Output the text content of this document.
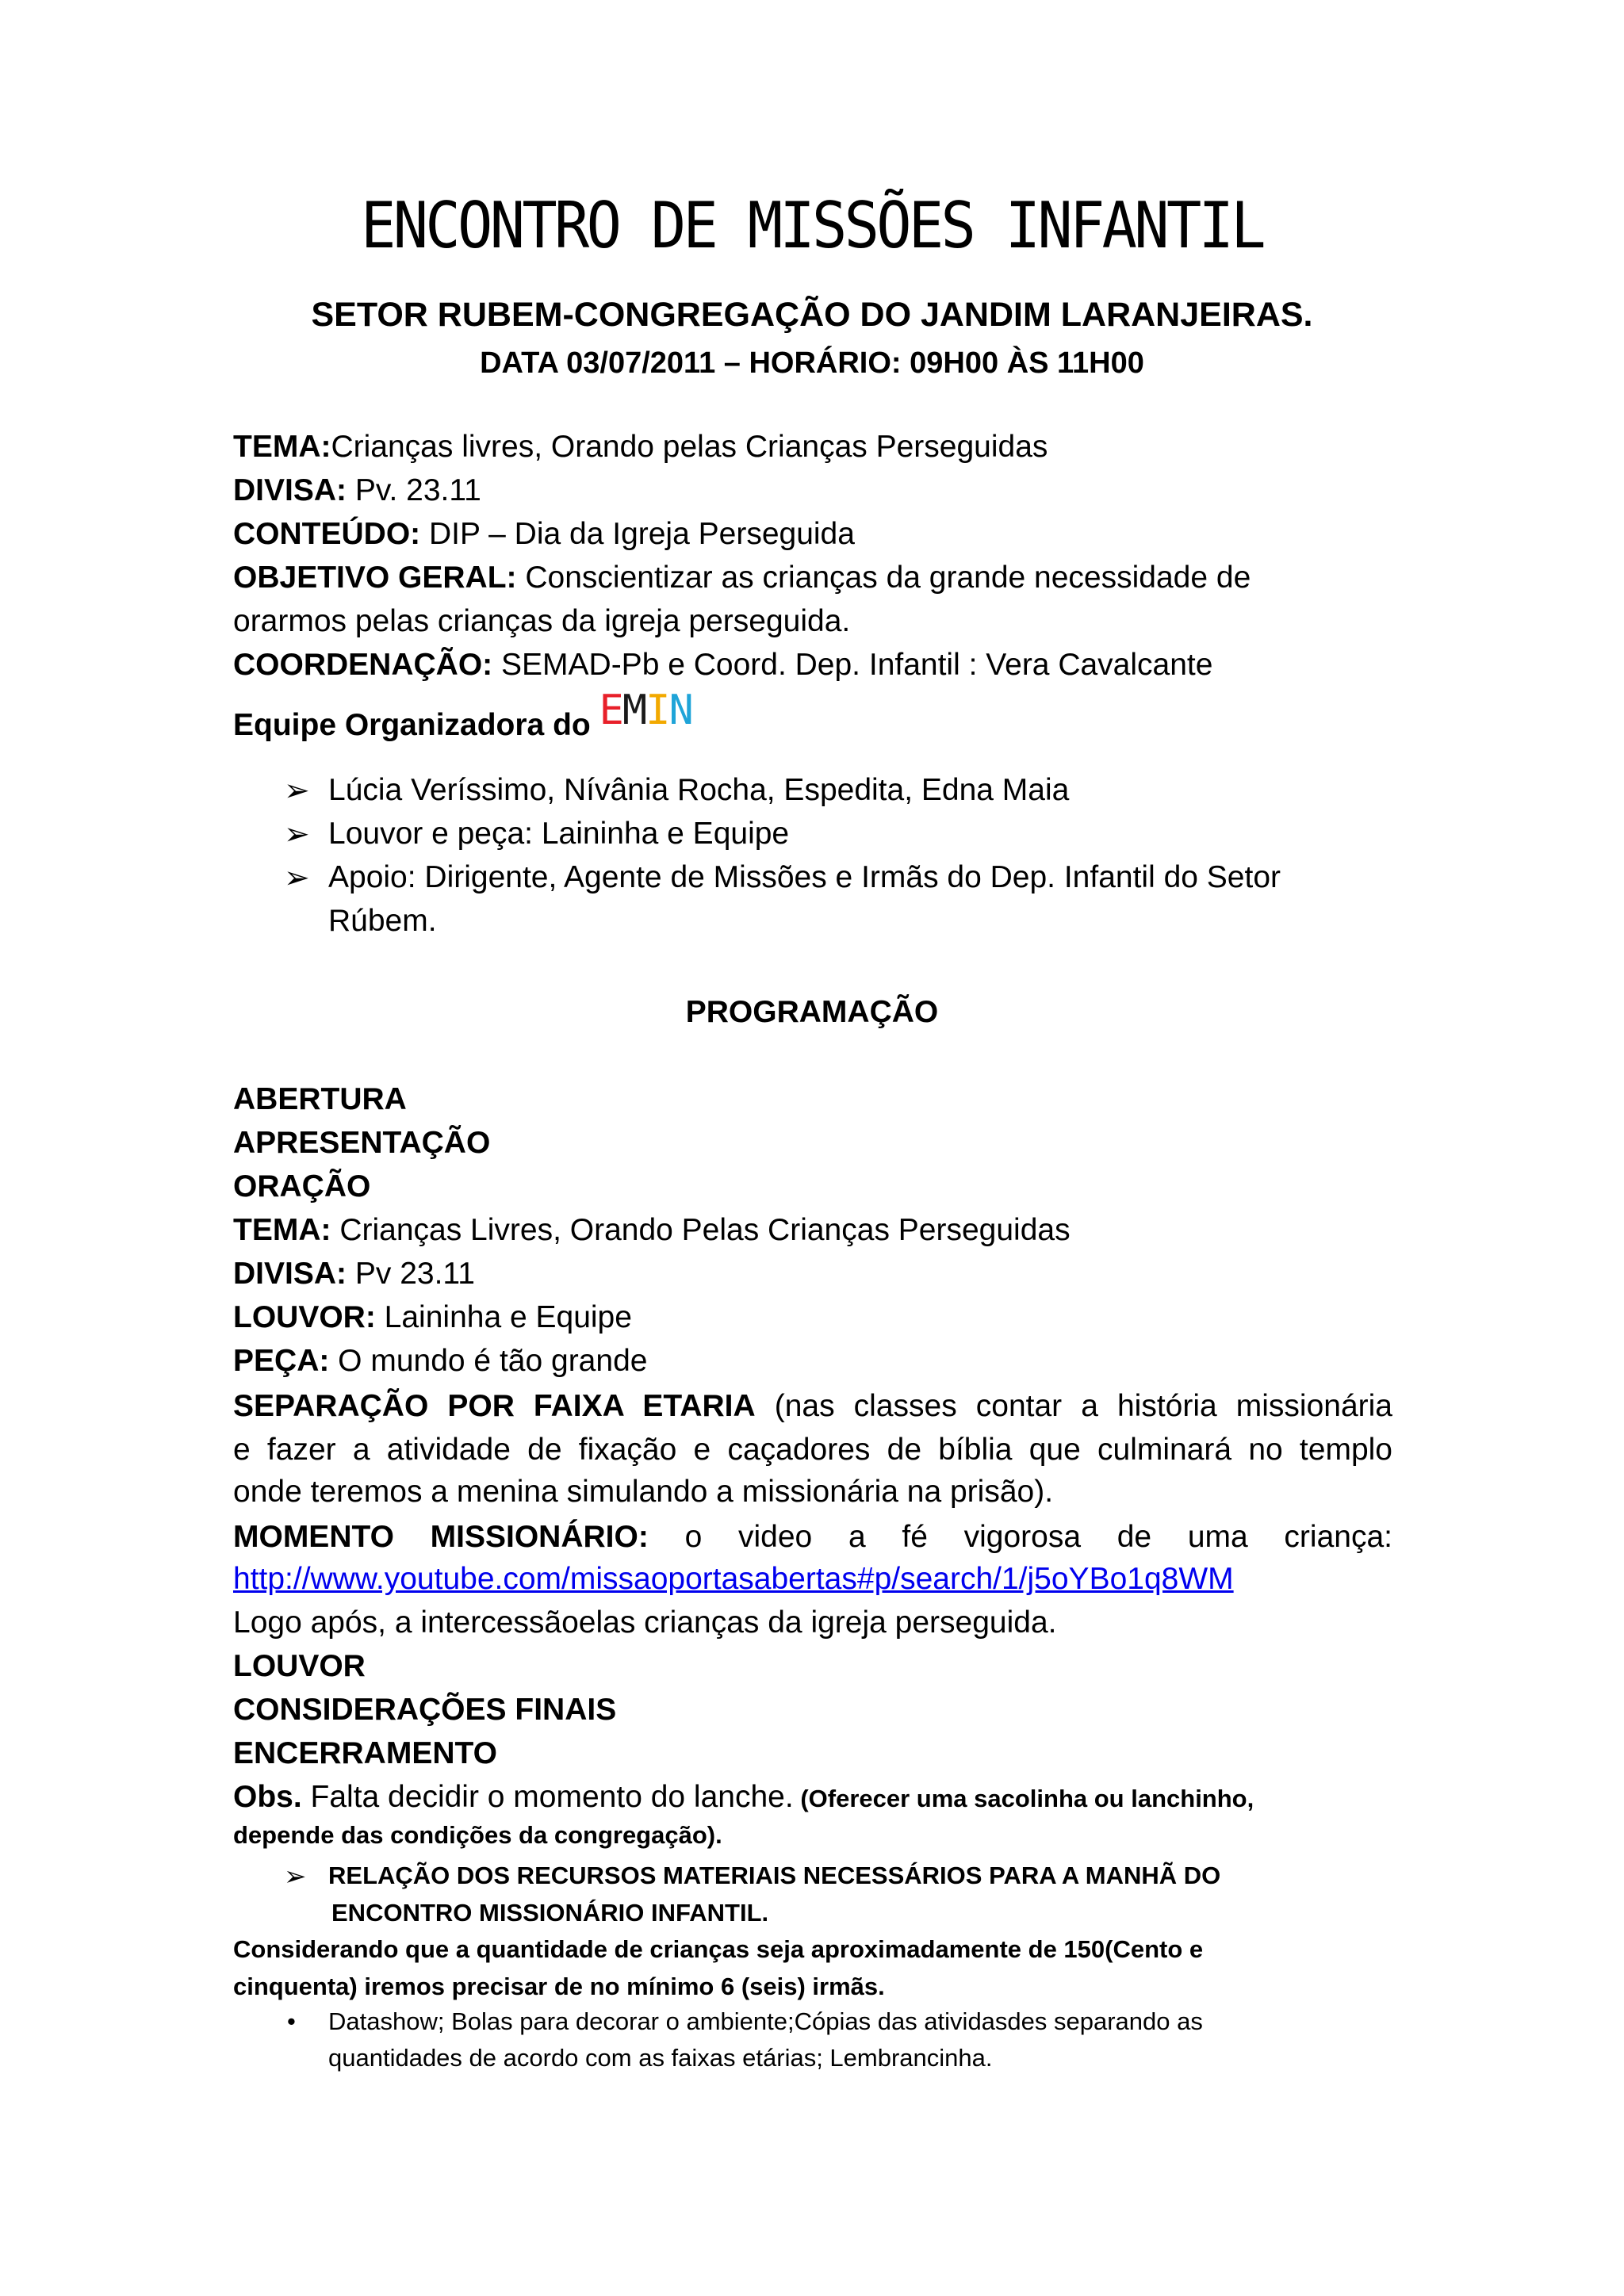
ENCONTRO DE MISSÕES INFANTIL
SETOR RUBEM-CONGREGAÇÃO DO JANDIM LARANJEIRAS.
DATA 03/07/2011 – HORÁRIO: 09H00 ÀS 11H00
TEMA:Crianças livres, Orando pelas Crianças Perseguidas
DIVISA: Pv. 23.11
CONTEÚDO: DIP – Dia da Igreja Perseguida
OBJETIVO GERAL: Conscientizar as crianças da grande necessidade de
orarmos pelas crianças da igreja perseguida.
COORDENAÇÃO: SEMAD-Pb e Coord. Dep. Infantil : Vera Cavalcante
Equipe Organizadora do EMIN
➢ Lúcia Veríssimo, Nívânia Rocha, Espedita, Edna Maia
➢ Louvor e peça: Laininha e Equipe
➢ Apoio: Dirigente, Agente de Missões e Irmãs do Dep. Infantil do Setor
Rúbem.
PROGRAMAÇÃO
ABERTURA
APRESENTAÇÃO
ORAÇÃO
TEMA: Crianças Livres, Orando Pelas Crianças Perseguidas
DIVISA: Pv 23.11
LOUVOR: Laininha e Equipe
PEÇA: O mundo é tão grande
SEPARAÇÃO POR FAIXA ETARIA (nas classes contar a história missionária
e fazer a atividade de fixação e caçadores de bíblia que culminará no templo
onde teremos a menina simulando a missionária na prisão).
MOMENTO MISSIONÁRIO: o video a fé vigorosa de uma criança:
http://www.youtube.com/missaoportasabertas#p/search/1/j5oYBo1q8WM
Logo após, a intercessãoelas crianças da igreja perseguida.
LOUVOR
CONSIDERAÇÕES FINAIS
ENCERRAMENTO
Obs. Falta decidir o momento do lanche. (Oferecer uma sacolinha ou lanchinho,
depende das condições da congregação).
➢ RELAÇÃO DOS RECURSOS MATERIAIS NECESSÁRIOS PARA A MANHÃ DO
ENCONTRO MISSIONÁRIO INFANTIL.
Considerando que a quantidade de crianças seja aproximadamente de 150(Cento e
cinquenta) iremos precisar de no mínimo 6 (seis) irmãs.
• Datashow; Bolas para decorar o ambiente;Cópias das atividasdes separando as
quantidades de acordo com as faixas etárias; Lembrancinha.
